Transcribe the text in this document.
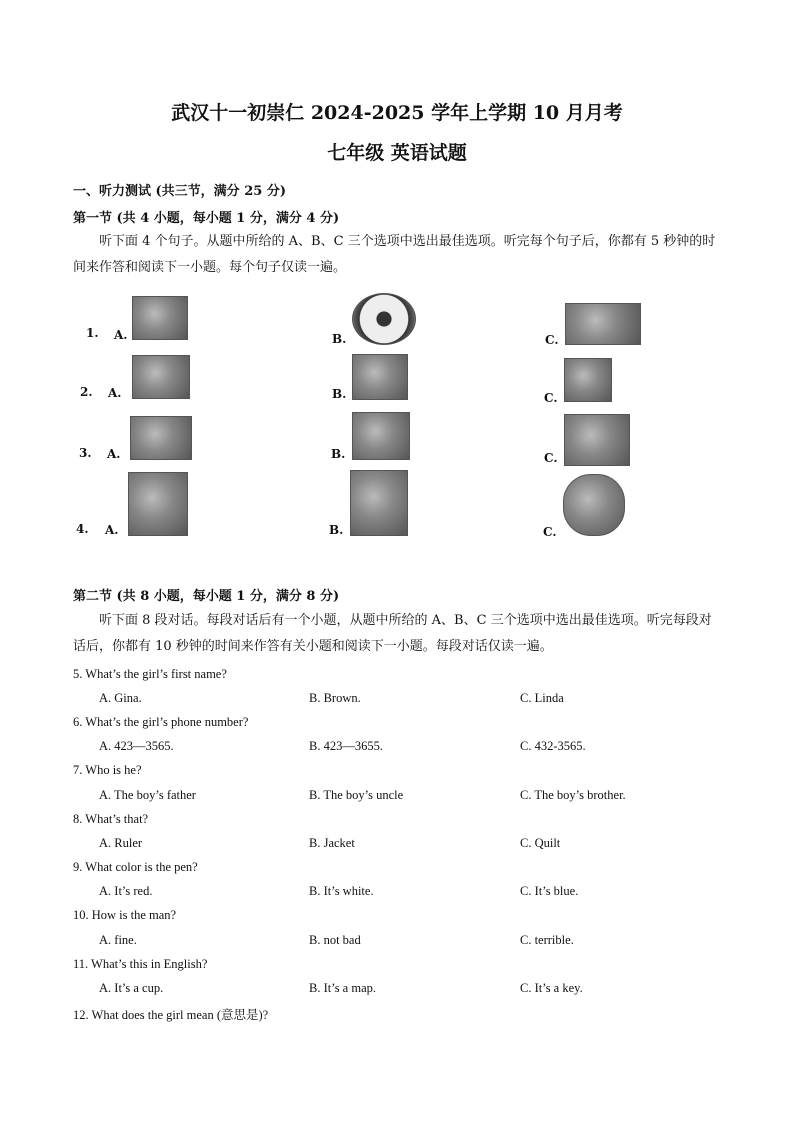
武汉十一初崇仁 2024-2025 学年上学期 10 月月考
七年级 英语试题
一、听力测试 (共三节，满分 25 分)
第一节 (共 4 小题，每小题 1 分，满分 4 分)
听下面 4 个句子。从题中所给的 A、B、C 三个选项中选出最佳选项。听完每个句子后，你都有 5 秒钟的时间来作答和阅读下一小题。每个句子仅读一遍。
1. A.	B.	C.
2. A.	B.	C.
3. A.	B.	C.
4. A.	B.	C.
第二节 (共 8 小题，每小题 1 分，满分 8 分)
听下面 8 段对话。每段对话后有一个小题，从题中所给的 A、B、C 三个选项中选出最佳选项。听完每段对话后，你都有 10 秒钟的时间来作答有关小题和阅读下一小题。每段对话仅读一遍。
5. What’s the girl’s first name?
A. Gina.	B. Brown.	C. Linda
6. What’s the girl’s phone number?
A. 423—3565.	B. 423—3655.	C. 432-3565.
7. Who is he?
A. The boy’s father	B. The boy’s uncle	C. The boy’s brother.
8. What’s that?
A. Ruler	B. Jacket	C. Quilt
9. What color is the pen?
A. It’s red.	B. It’s white.	C. It’s blue.
10. How is the man?
A. fine.	B. not bad	C. terrible.
11. What’s this in English?
A. It’s a cup.	B. It’s a map.	C. It’s a key.
12. What does the girl mean (意思是)?
